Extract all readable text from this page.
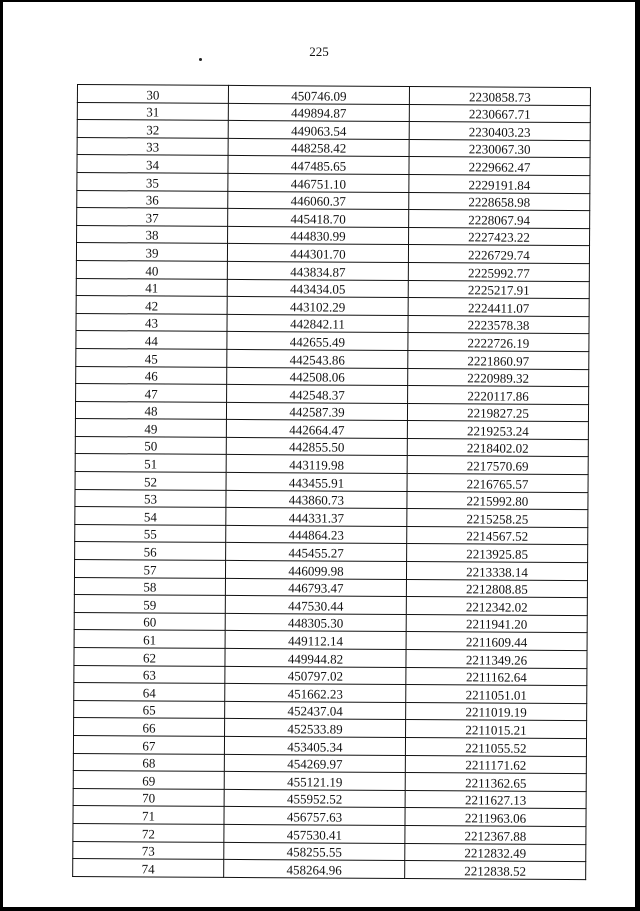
225
30	450746.09	2230858.73
31	449894.87	2230667.71
32	449063.54	2230403.23
33	448258.42	2230067.30
34	447485.65	2229662.47
35	446751.10	2229191.84
36	446060.37	2228658.98
37	445418.70	2228067.94
38	444830.99	2227423.22
39	444301.70	2226729.74
40	443834.87	2225992.77
41	443434.05	2225217.91
42	443102.29	2224411.07
43	442842.11	2223578.38
44	442655.49	2222726.19
45	442543.86	2221860.97
46	442508.06	2220989.32
47	442548.37	2220117.86
48	442587.39	2219827.25
49	442664.47	2219253.24
50	442855.50	2218402.02
51	443119.98	2217570.69
52	443455.91	2216765.57
53	443860.73	2215992.80
54	444331.37	2215258.25
55	444864.23	2214567.52
56	445455.27	2213925.85
57	446099.98	2213338.14
58	446793.47	2212808.85
59	447530.44	2212342.02
60	448305.30	2211941.20
61	449112.14	2211609.44
62	449944.82	2211349.26
63	450797.02	2211162.64
64	451662.23	2211051.01
65	452437.04	2211019.19
66	452533.89	2211015.21
67	453405.34	2211055.52
68	454269.97	2211171.62
69	455121.19	2211362.65
70	455952.52	2211627.13
71	456757.63	2211963.06
72	457530.41	2212367.88
73	458255.55	2212832.49
74	458264.96	2212838.52
